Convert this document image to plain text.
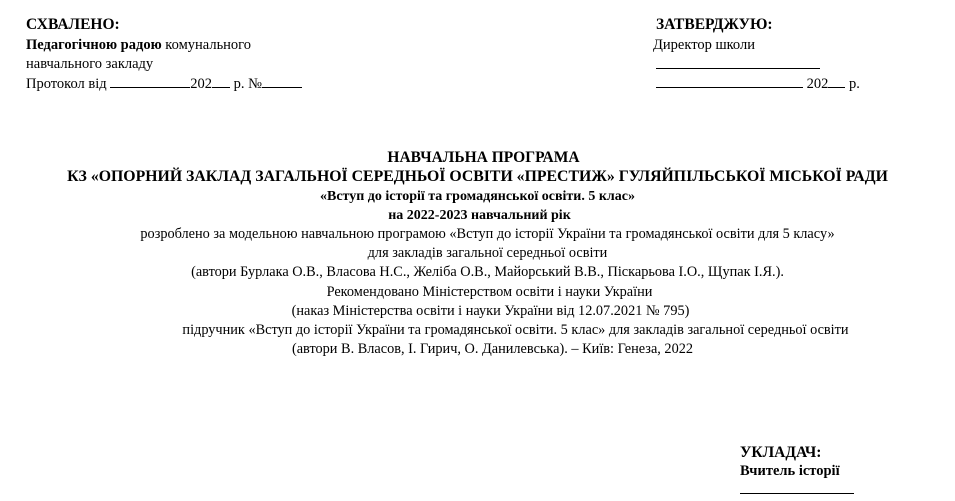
СХВАЛЕНО:
Педагогічною радою комунального
навчального закладу
Протокол від	202 р. №
ЗАТВЕРДЖУЮ:
Директор школи
202 р.
НАВЧАЛЬНА ПРОГРАМА
КЗ «ОПОРНИЙ ЗАКЛАД ЗАГАЛЬНОЇ СЕРЕДНЬОЇ ОСВІТИ «ПРЕСТИЖ» ГУЛЯЙПІЛЬСЬКОЇ МІСЬКОЇ РАДИ
«Вступ до історії та громадянської освіти. 5 клас»
на 2022-2023 навчальний рік
розроблено за модельною навчальною програмою «Вступ до історії України та громадянської освіти для 5 класу»
для закладів загальної середньої освіти
(автори Бурлака О.В., Власова Н.С., Желіба О.В., Майорський В.В., Піскарьова І.О., Щупак І.Я.).
Рекомендовано Міністерством освіти і науки України
(наказ Міністерства освіти і науки України від 12.07.2021 № 795)
підручник «Вступ до історії України та громадянської освіти. 5 клас» для закладів загальної середньої освіти
(автори В. Власов, І. Гирич, О. Данилевська). – Київ: Генеза, 2022
УКЛАДАЧ:
Вчитель історії
